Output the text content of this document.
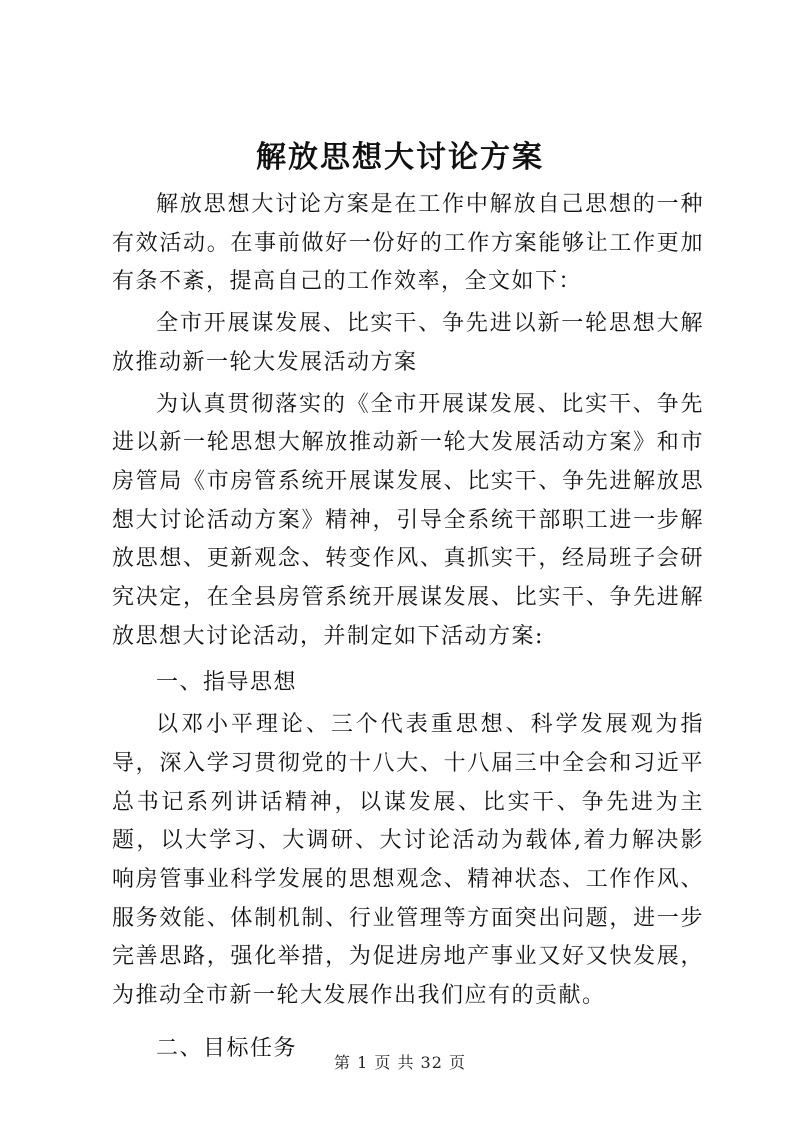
解放思想大讨论方案

解放思想大讨论方案是在工作中解放自己思想的一种有效活动。在事前做好一份好的工作方案能够让工作更加有条不紊，提高自己的工作效率，全文如下：

全市开展谋发展、比实干、争先进以新一轮思想大解放推动新一轮大发展活动方案

为认真贯彻落实的《全市开展谋发展、比实干、争先进以新一轮思想大解放推动新一轮大发展活动方案》和市房管局《市房管系统开展谋发展、比实干、争先进解放思想大讨论活动方案》精神，引导全系统干部职工进一步解放思想、更新观念、转变作风、真抓实干，经局班子会研究决定，在全县房管系统开展谋发展、比实干、争先进解放思想大讨论活动，并制定如下活动方案:

一、指导思想

以邓小平理论、三个代表重思想、科学发展观为指导，深入学习贯彻党的十八大、十八届三中全会和习近平总书记系列讲话精神，以谋发展、比实干、争先进为主题，以大学习、大调研、大讨论活动为载体,着力解决影响房管事业科学发展的思想观念、精神状态、工作作风、服务效能、体制机制、行业管理等方面突出问题，进一步完善思路，强化举措，为促进房地产事业又好又快发展，为推动全市新一轮大发展作出我们应有的贡献。

二、目标任务

第 1 页 共 32 页
